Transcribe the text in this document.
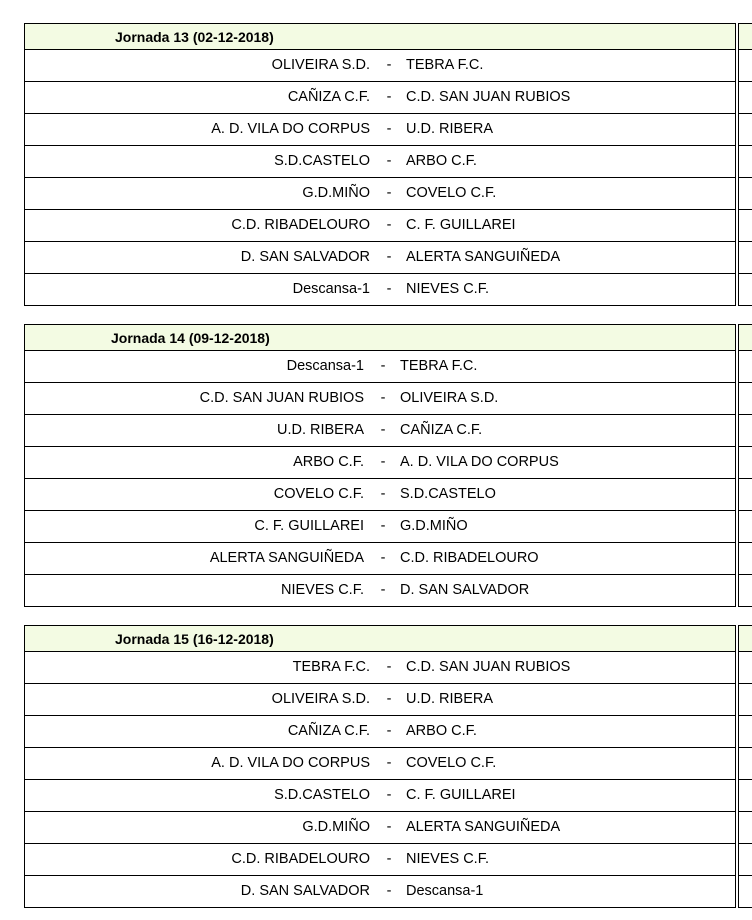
Jornada 13 (02-12-2018)
OLIVEIRA S.D.	-	TEBRA F.C.
CAÑIZA C.F.	-	C.D. SAN JUAN RUBIOS
A. D. VILA DO CORPUS	-	U.D. RIBERA
S.D.CASTELO	-	ARBO C.F.
G.D.MIÑO	-	COVELO C.F.
C.D. RIBADELOURO	-	C. F. GUILLAREI
D. SAN SALVADOR	-	ALERTA SANGUIÑEDA
Descansa-1	-	NIEVES C.F.
Jornada 14 (09-12-2018)
Descansa-1	-	TEBRA F.C.
C.D. SAN JUAN RUBIOS	-	OLIVEIRA S.D.
U.D. RIBERA	-	CAÑIZA C.F.
ARBO C.F.	-	A. D. VILA DO CORPUS
COVELO C.F.	-	S.D.CASTELO
C. F. GUILLAREI	-	G.D.MIÑO
ALERTA SANGUIÑEDA	-	C.D. RIBADELOURO
NIEVES C.F.	-	D. SAN SALVADOR
Jornada 15 (16-12-2018)
TEBRA F.C.	-	C.D. SAN JUAN RUBIOS
OLIVEIRA S.D.	-	U.D. RIBERA
CAÑIZA C.F.	-	ARBO C.F.
A. D. VILA DO CORPUS	-	COVELO C.F.
S.D.CASTELO	-	C. F. GUILLAREI
G.D.MIÑO	-	ALERTA SANGUIÑEDA
C.D. RIBADELOURO	-	NIEVES C.F.
D. SAN SALVADOR	-	Descansa-1
